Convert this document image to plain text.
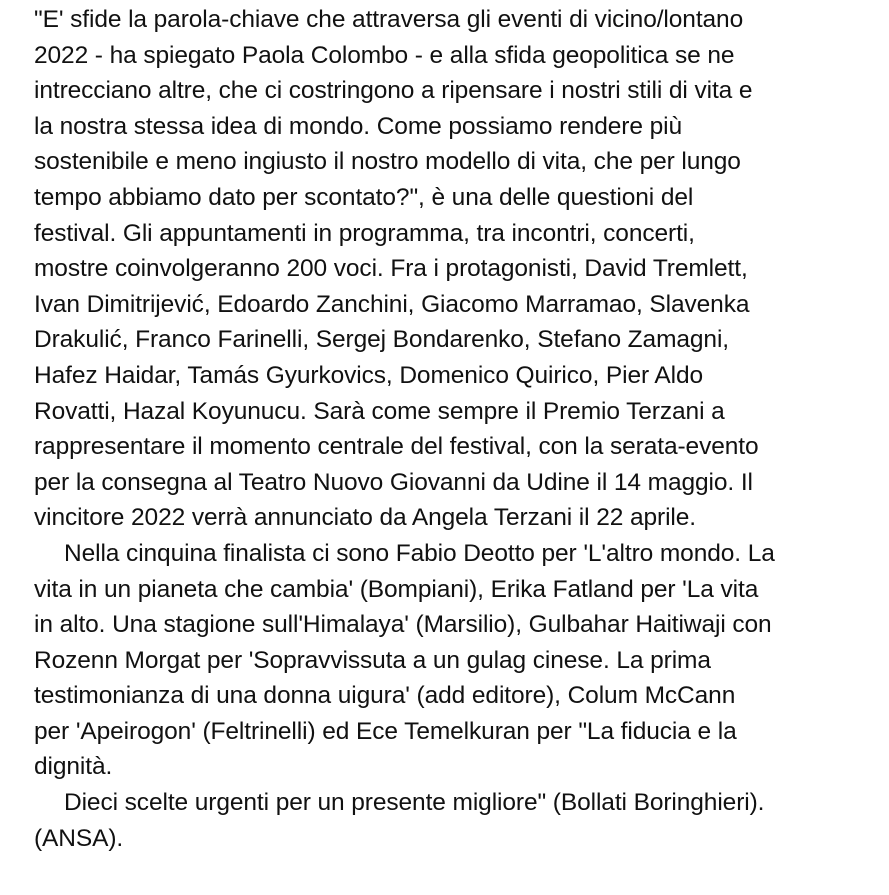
"E' sfide la parola-chiave che attraversa gli eventi di vicino/lontano
2022 - ha spiegato Paola Colombo - e alla sfida geopolitica se ne
intrecciano altre, che ci costringono a ripensare i nostri stili di vita e
la nostra stessa idea di mondo. Come possiamo rendere più
sostenibile e meno ingiusto il nostro modello di vita, che per lungo
tempo abbiamo dato per scontato?", è una delle questioni del
festival. Gli appuntamenti in programma, tra incontri, concerti,
mostre coinvolgeranno 200 voci. Fra i protagonisti, David Tremlett,
Ivan Dimitrijević, Edoardo Zanchini, Giacomo Marramao, Slavenka
Drakulić, Franco Farinelli, Sergej Bondarenko, Stefano Zamagni,
Hafez Haidar, Tamás Gyurkovics, Domenico Quirico, Pier Aldo
Rovatti, Hazal Koyunucu. Sarà come sempre il Premio Terzani a
rappresentare il momento centrale del festival, con la serata-evento
per la consegna al Teatro Nuovo Giovanni da Udine il 14 maggio. Il
vincitore 2022 verrà annunciato da Angela Terzani il 22 aprile.
Nella cinquina finalista ci sono Fabio Deotto per 'L'altro mondo. La
vita in un pianeta che cambia' (Bompiani), Erika Fatland per 'La vita
in alto. Una stagione sull'Himalaya' (Marsilio), Gulbahar Haitiwaji con
Rozenn Morgat per 'Sopravvissuta a un gulag cinese. La prima
testimonianza di una donna uigura' (add editore), Colum McCann
per 'Apeirogon' (Feltrinelli) ed Ece Temelkuran per "La fiducia e la
dignità.
Dieci scelte urgenti per un presente migliore" (Bollati Boringhieri).
(ANSA).
